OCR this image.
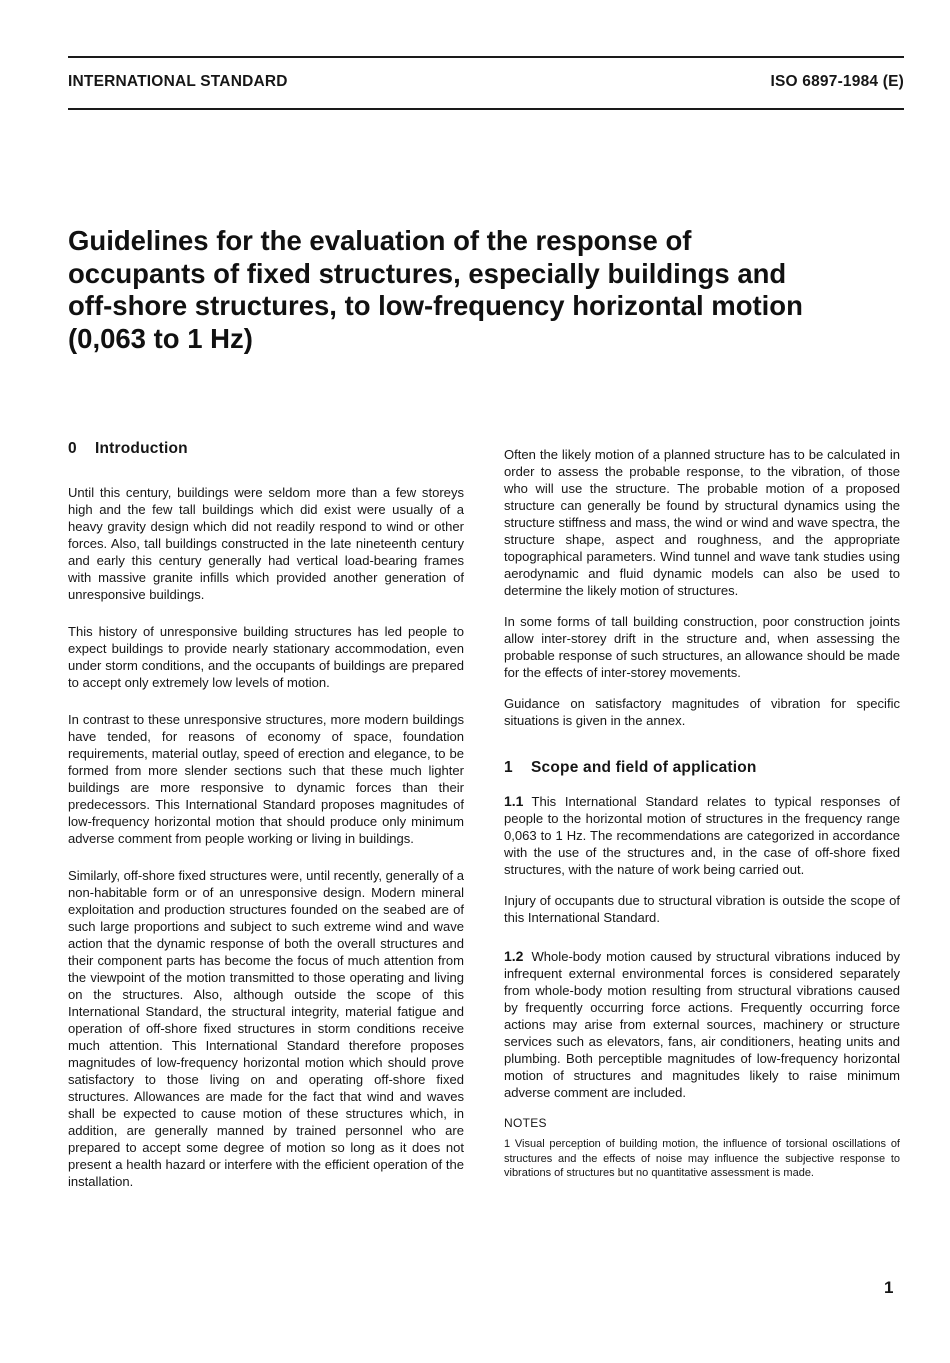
INTERNATIONAL STANDARD	ISO 6897-1984 (E)
Guidelines for the evaluation of the response of
occupants of fixed structures, especially buildings and
off-shore structures, to low-frequency horizontal motion
(0,063 to 1 Hz)
0 Introduction

Until this century, buildings were seldom more than a few storeys high and the few tall buildings which did exist were usually of a heavy gravity design which did not readily respond to wind or other forces. Also, tall buildings constructed in the late nineteenth century and early this century generally had vertical load-bearing frames with massive granite infills which provided another generation of unresponsive buildings.

This history of unresponsive building structures has led people to expect buildings to provide nearly stationary accommodation, even under storm conditions, and the occupants of buildings are prepared to accept only extremely low levels of motion.

In contrast to these unresponsive structures, more modern buildings have tended, for reasons of economy of space, foundation requirements, material outlay, speed of erection and elegance, to be formed from more slender sections such that these much lighter buildings are more responsive to dynamic forces than their predecessors. This International Standard proposes magnitudes of low-frequency horizontal motion that should produce only minimum adverse comment from people working or living in buildings.

Similarly, off-shore fixed structures were, until recently, generally of a non-habitable form or of an unresponsive design. Modern mineral exploitation and production structures founded on the seabed are of such large proportions and subject to such extreme wind and wave action that the dynamic response of both the overall structures and their component parts has become the focus of much attention from the viewpoint of the motion transmitted to those operating and living on the structures. Also, although outside the scope of this International Standard, the structural integrity, material fatigue and operation of off-shore fixed structures in storm conditions receive much attention. This International Standard therefore proposes magnitudes of low-frequency horizontal motion which should prove satisfactory to those living on and operating off-shore fixed structures. Allowances are made for the fact that wind and waves shall be expected to cause motion of these structures which, in addition, are generally manned by trained personnel who are prepared to accept some degree of motion so long as it does not present a health hazard or interfere with the efficient operation of the installation.

Often the likely motion of a planned structure has to be calculated in order to assess the probable response, to the vibration, of those who will use the structure. The probable motion of a proposed structure can generally be found by structural dynamics using the structure stiffness and mass, the wind or wind and wave spectra, the structure shape, aspect and roughness, and the appropriate topographical parameters. Wind tunnel and wave tank studies using aerodynamic and fluid dynamic models can also be used to determine the likely motion of structures.

In some forms of tall building construction, poor construction joints allow inter-storey drift in the structure and, when assessing the probable response of such structures, an allowance should be made for the effects of inter-storey movements.

Guidance on satisfactory magnitudes of vibration for specific situations is given in the annex.

1 Scope and field of application

1.1 This International Standard relates to typical responses of people to the horizontal motion of structures in the frequency range 0,063 to 1 Hz. The recommendations are categorized in accordance with the use of the structures and, in the case of off-shore fixed structures, with the nature of work being carried out.

Injury of occupants due to structural vibration is outside the scope of this International Standard.

1.2 Whole-body motion caused by structural vibrations induced by infrequent external environmental forces is considered separately from whole-body motion resulting from structural vibrations caused by frequently occurring force actions. Frequently occurring force actions may arise from external sources, machinery or structure services such as elevators, fans, air conditioners, heating units and plumbing. Both perceptible magnitudes of low-frequency horizontal motion of structures and magnitudes likely to raise minimum adverse comment are included.

NOTES

1 Visual perception of building motion, the influence of torsional oscillations of structures and the effects of noise may influence the subjective response to vibrations of structures but no quantitative assessment is made.

1
